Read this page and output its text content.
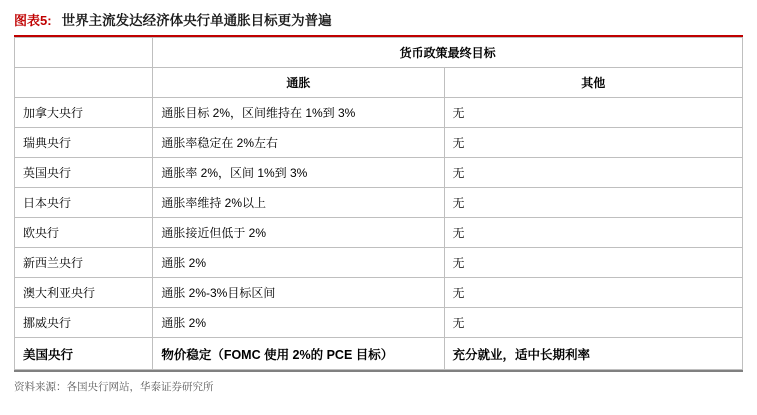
图表5 : 世界主流发达经济体央行单通胀目标更为普遍
	货币政策最终目标	
	通胀	其他
加拿大央行	通胀目标 2%，区间维持在 1%到 3%	无
瑞典央行	通胀率稳定在 2%左右	无
英国央行	通胀率 2%，区间 1%到 3%	无
日本央行	通胀率维持 2%以上	无
欧央行	通胀接近但低于 2%	无
新西兰央行	通胀 2%	无
澳大利亚央行	通胀 2%-3%目标区间	无
挪威央行	通胀 2%	无
美国央行	物价稳定（FOMC 使用 2%的 PCE 目标）	充分就业，适中长期利率
资料来源：各国央行网站，华泰证券研究所
